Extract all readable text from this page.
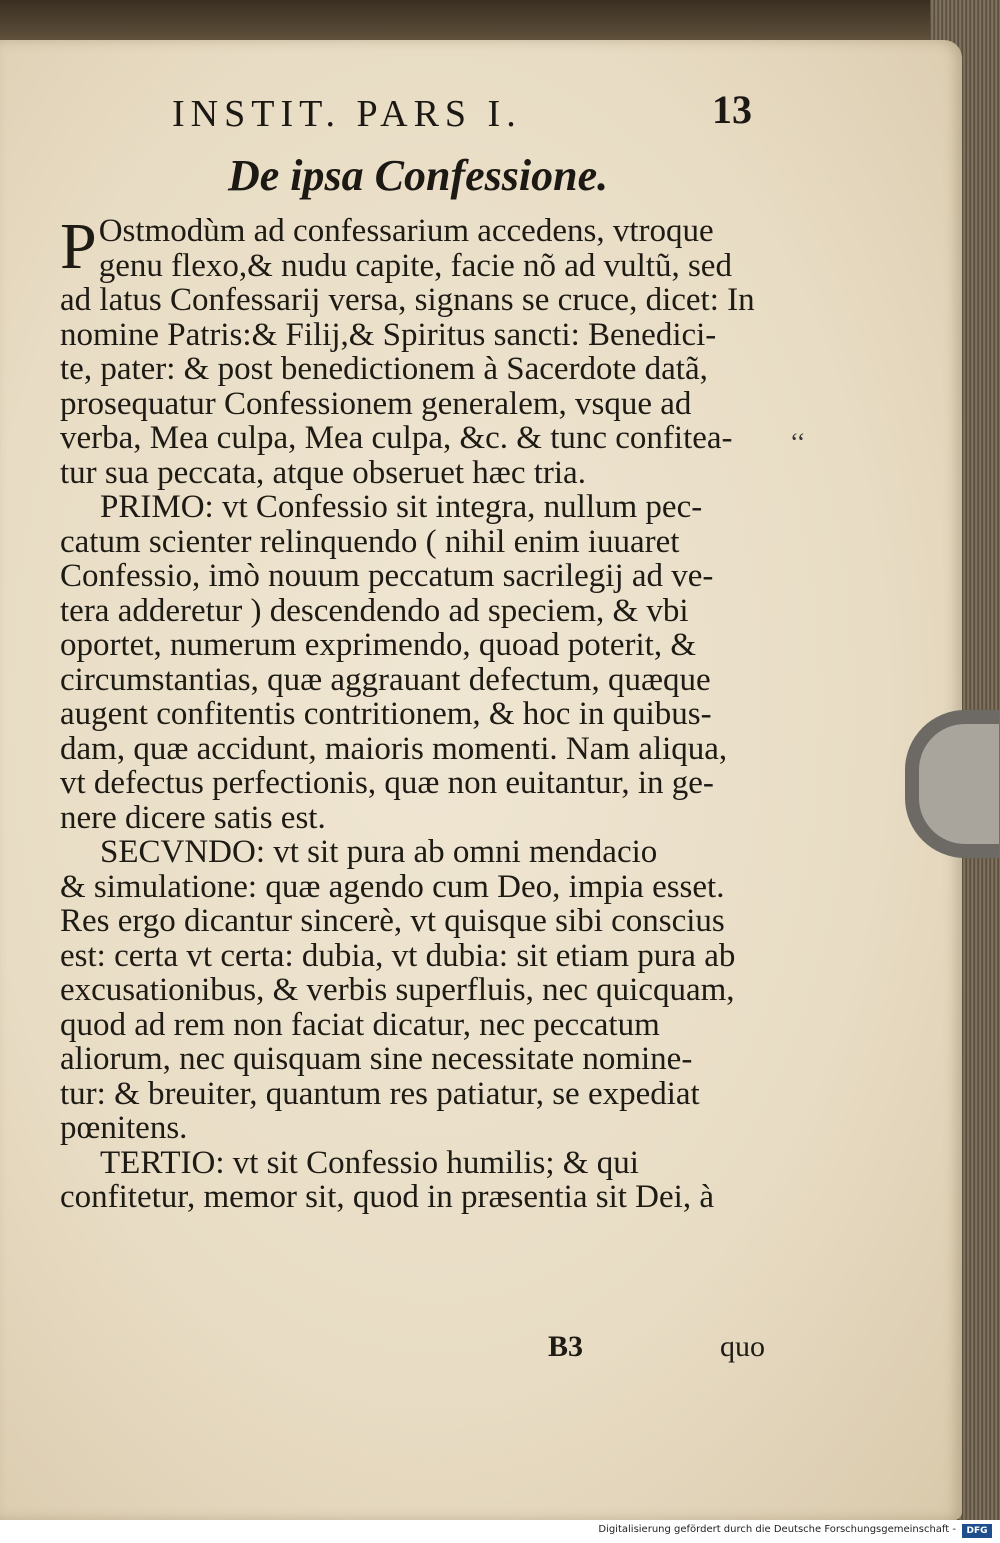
INSTIT. PARS I.	13
De ipsa Confessione.
‘‘
P Ostmodùm ad confessarium accedens, vtroque
genu flexo,& nudu capite, facie nõ ad vultũ, sed
ad latus Confessarij versa, signans se cruce, dicet: In
nomine Patris:& Filij,& Spiritus sancti: Benedici-
te, pater: & post benedictionem à Sacerdote datã,
prosequatur Confessionem generalem, vsque ad
verba, Mea culpa, Mea culpa, &c. & tunc confitea-
tur sua peccata, atque obseruet hæc tria.
PRIMO: vt Confessio sit integra, nullum pec-
catum scienter relinquendo ( nihil enim iuuaret
Confessio, imò nouum peccatum sacrilegij ad ve-
tera adderetur ) descendendo ad speciem, & vbi
oportet, numerum exprimendo, quoad poterit, &
circumstantias, quæ aggrauant defectum, quæque
augent confitentis contritionem, & hoc in quibus-
dam, quæ accidunt, maioris momenti. Nam aliqua,
vt defectus perfectionis, quæ non euitantur, in ge-
nere dicere satis est.
SECVNDO: vt sit pura ab omni mendacio
& simulatione: quæ agendo cum Deo, impia esset.
Res ergo dicantur sincerè, vt quisque sibi conscius
est: certa vt certa: dubia, vt dubia: sit etiam pura ab
excusationibus, & verbis superfluis, nec quicquam,
quod ad rem non faciat dicatur, nec peccatum
aliorum, nec quisquam sine necessitate nomine-
tur: & breuiter, quantum res patiatur, se expediat
pœnitens.
TERTIO: vt sit Confessio humilis; & qui
confitetur, memor sit, quod in præsentia sit Dei, à
B3	quo
Digitalisierung gefördert durch die Deutsche Forschungsgemeinschaft -	DFG
